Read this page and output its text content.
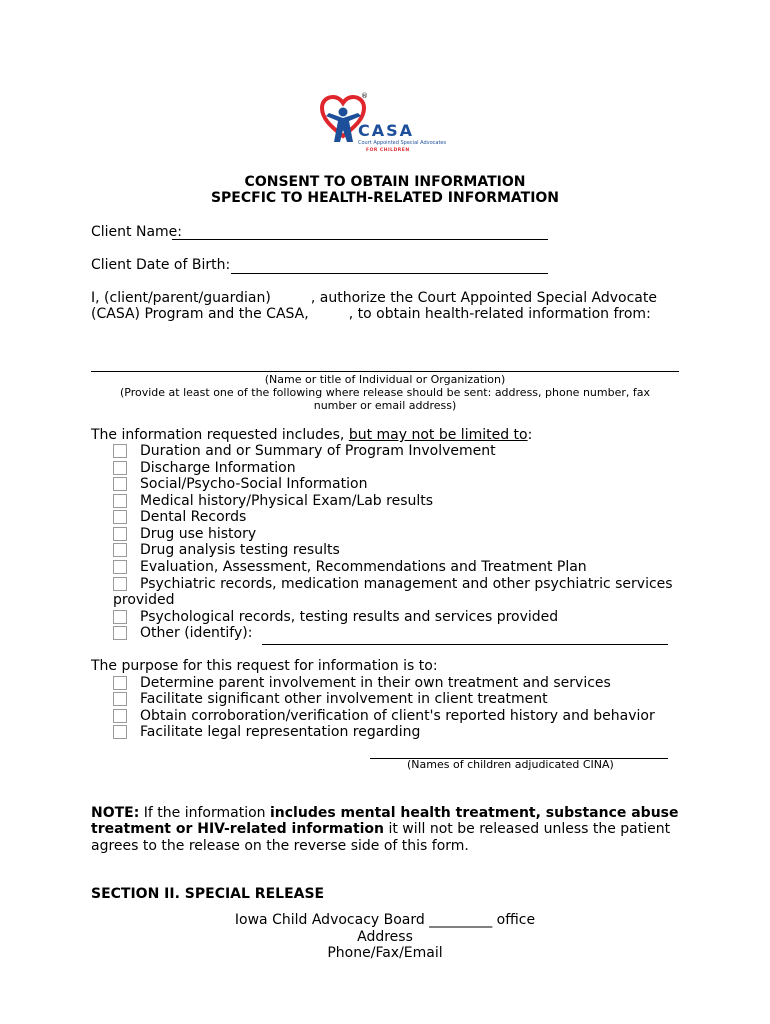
®
CASA
Court Appointed Special Advocates
FOR CHILDREN
CONSENT TO OBTAIN INFORMATION
SPECFIC TO HEALTH-RELATED INFORMATION
Client Name:
Client Date of Birth:
I, (client/parent/guardian)         , authorize the Court Appointed Special Advocate
(CASA) Program and the CASA,         , to obtain health-related information from:
(Name or title of Individual or Organization)
(Provide at least one of the following where release should be sent: address, phone number, fax
number or email address)
The information requested includes, but may not be limited to:
Duration and or Summary of Program Involvement
Discharge Information
Social/Psycho-Social Information
Medical history/Physical Exam/Lab results
Dental Records
Drug use history
Drug analysis testing results
Evaluation, Assessment, Recommendations and Treatment Plan
Psychiatric records, medication management and other psychiatric services
provided
Psychological records, testing results and services provided
Other (identify):
The purpose for this request for information is to:
Determine parent involvement in their own treatment and services
Facilitate significant other involvement in client treatment
Obtain corroboration/verification of client's reported history and behavior
Facilitate legal representation regarding
(Names of children adjudicated CINA)
NOTE: If the information includes mental health treatment, substance abuse
treatment or HIV-related information it will not be released unless the patient
agrees to the release on the reverse side of this form.
SECTION II. SPECIAL RELEASE
Iowa Child Advocacy Board _________ office
Address
Phone/Fax/Email
